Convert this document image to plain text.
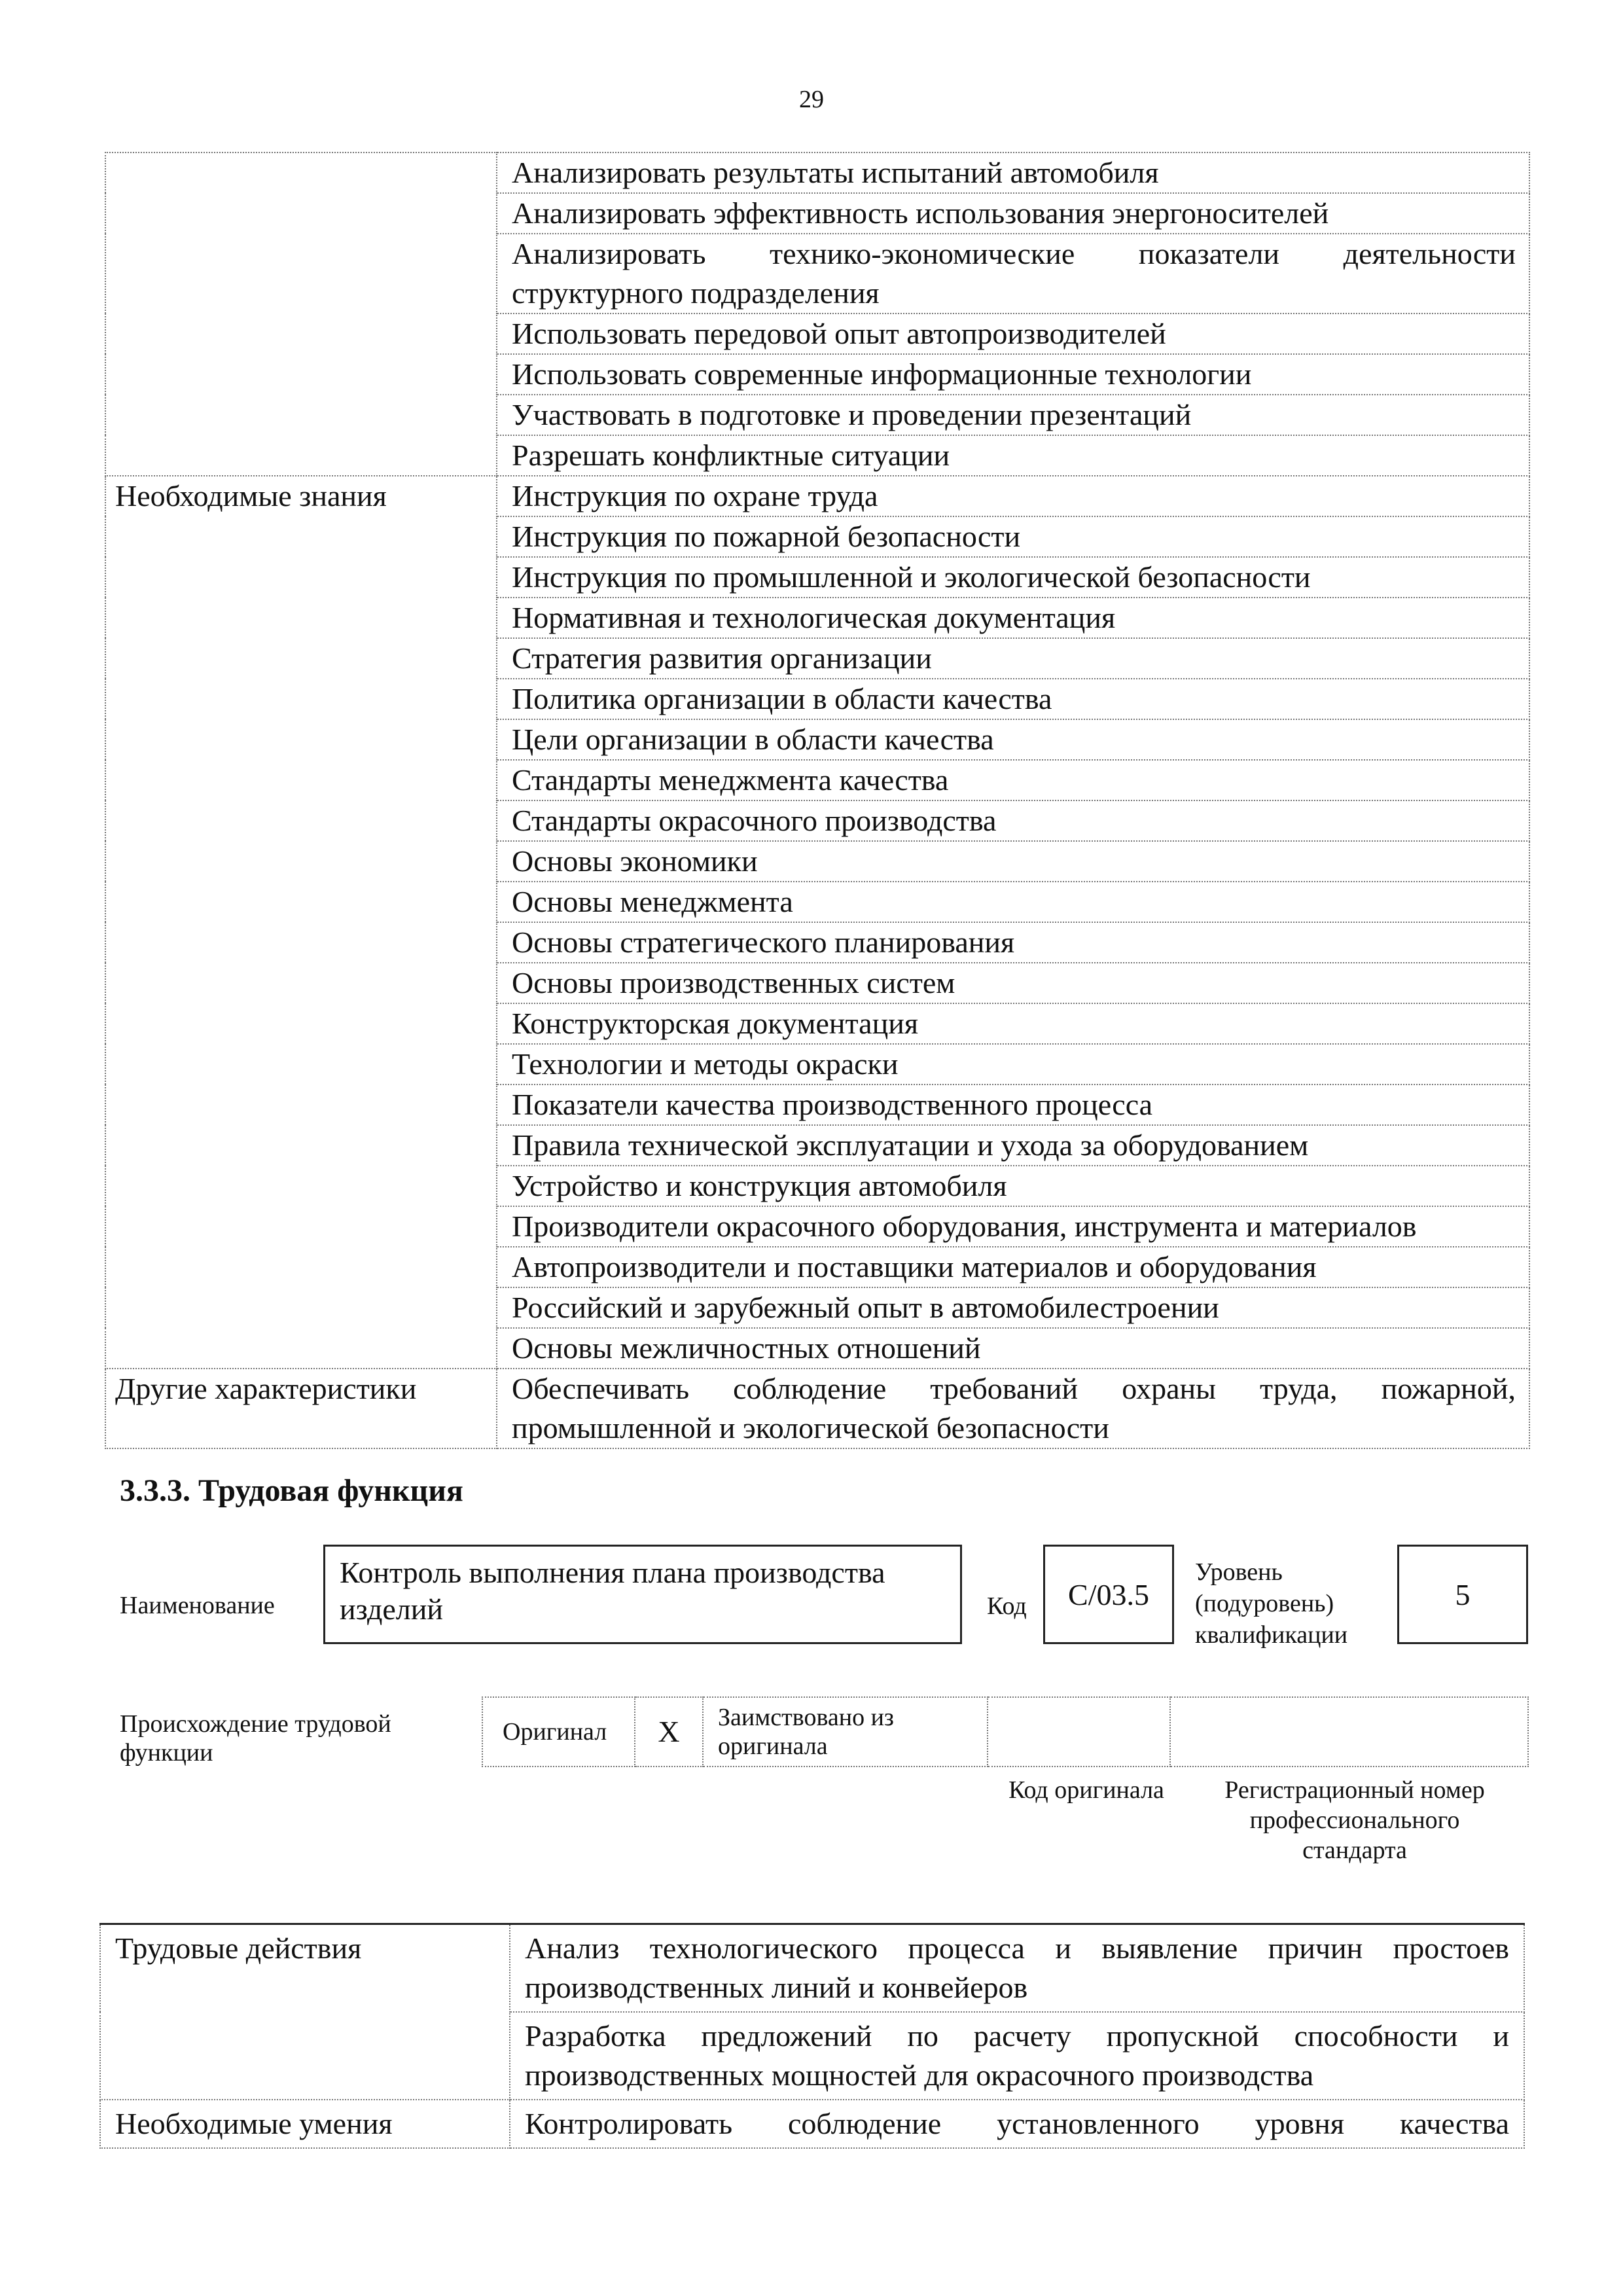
29
	Анализировать результаты испытаний автомобиля
	Анализировать эффективность использования энергоносителей
	Анализировать технико-экономические показатели деятельности структурного подразделения
	Использовать передовой опыт автопроизводителей
	Использовать современные информационные технологии
	Участвовать в подготовке и проведении презентаций
	Разрешать конфликтные ситуации
Необходимые знания	Инструкция по охране труда
	Инструкция по пожарной безопасности
	Инструкция по промышленной и экологической безопасности
	Нормативная и технологическая документация
	Стратегия развития организации
	Политика организации в области качества
	Цели организации в области качества
	Стандарты менеджмента качества
	Стандарты окрасочного производства
	Основы экономики
	Основы менеджмента
	Основы стратегического планирования
	Основы производственных систем
	Конструкторская документация
	Технологии и методы окраски
	Показатели качества производственного процесса
	Правила технической эксплуатации и ухода за оборудованием
	Устройство и конструкция автомобиля
	Производители окрасочного оборудования, инструмента и материалов
	Автопроизводители и поставщики материалов и оборудования
	Российский и зарубежный опыт в автомобилестроении
	Основы межличностных отношений
Другие характеристики	Обеспечивать соблюдение требований охраны труда, пожарной, промышленной и экологической безопасности
3.3.3. Трудовая функция
Наименование
Контроль выполнения плана производства изделий	Код C/03.5
Уровень (подуровень) квалификации
5
Происхождение трудовой функции
Оригинал	X	Заимствовано из оригинала		
Код оригинала	Регистрационный номер профессионального стандарта
Трудовые действия	Анализ технологического процесса и выявление причин простоев производственных линий и конвейеров
	Разработка предложений по расчету пропускной способности и производственных мощностей для окрасочного производства
Необходимые умения	Контролировать соблюдение установленного уровня качества
